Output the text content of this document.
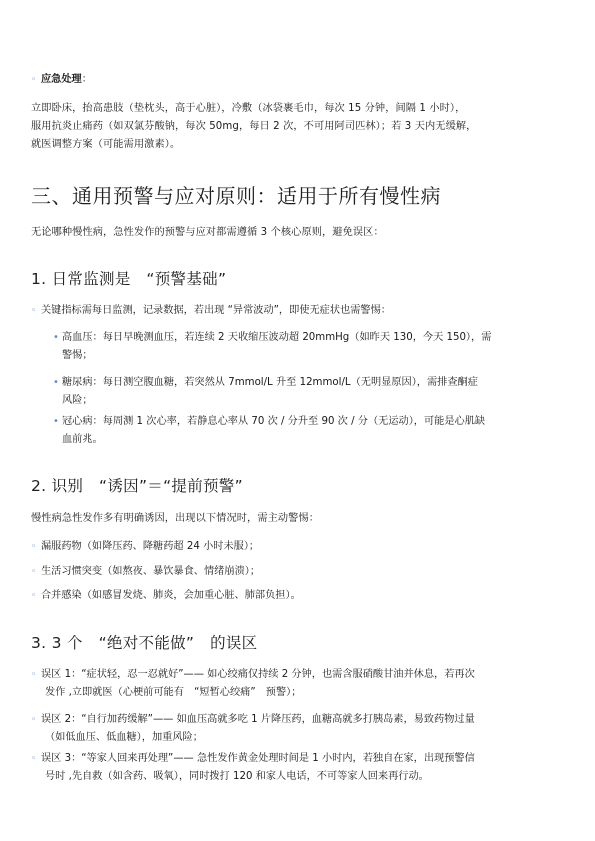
◦ 应急处理：
立即卧床，抬高患肢（垫枕头，高于心脏），冷敷（冰袋裹毛巾，每次 15 分钟，间隔 1 小时），
服用抗炎止痛药（如双氯芬酸钠，每次 50mg，每日 2 次，不可用阿司匹林）；若 3 天内无缓解，
就医调整方案（可能需用激素）。
三、通用预警与应对原则：适用于所有慢性病
无论哪种慢性病，急性发作的预警与应对都需遵循 3 个核心原则，避免误区：
1. 日常监测是　“预警基础”
◦ 关键指标需每日监测，记录数据，若出现 “异常波动”，即使无症状也需警惕：
• 高血压：每日早晚测血压，若连续 2 天收缩压波动超 20mmHg（如昨天 130，今天 150），需
警惕；
• 糖尿病：每日测空腹血糖，若突然从 7mmol/L 升至 12mmol/L（无明显原因），需排查酮症
风险；
• 冠心病：每周测 1 次心率，若静息心率从 70 次 / 分升至 90 次 / 分（无运动），可能是心肌缺
血前兆。
2. 识别　“诱因”＝“提前预警”
慢性病急性发作多有明确诱因，出现以下情况时，需主动警惕：
◦ 漏服药物（如降压药、降糖药超 24 小时未服）；
◦ 生活习惯突变（如熬夜、暴饮暴食、情绪崩溃）；
◦ 合并感染（如感冒发烧、肺炎，会加重心脏、肺部负担）。
3. 3 个　“绝对不能做”　的误区
◦ 误区 1：“症状轻，忍一忍就好”—— 如心绞痛仅持续 2 分钟，也需含服硝酸甘油并休息，若再次
发作 ,立即就医（心梗前可能有　“短暂心绞痛”　预警）；
◦ 误区 2：“自行加药缓解”—— 如血压高就多吃 1 片降压药，血糖高就多打胰岛素，易致药物过量
（如低血压、低血糖），加重风险；
◦ 误区 3：“等家人回来再处理”—— 急性发作黄金处理时间是 1 小时内，若独自在家，出现预警信
号时 ,先自救（如含药、吸氧），同时拨打 120 和家人电话，不可等家人回来再行动。
